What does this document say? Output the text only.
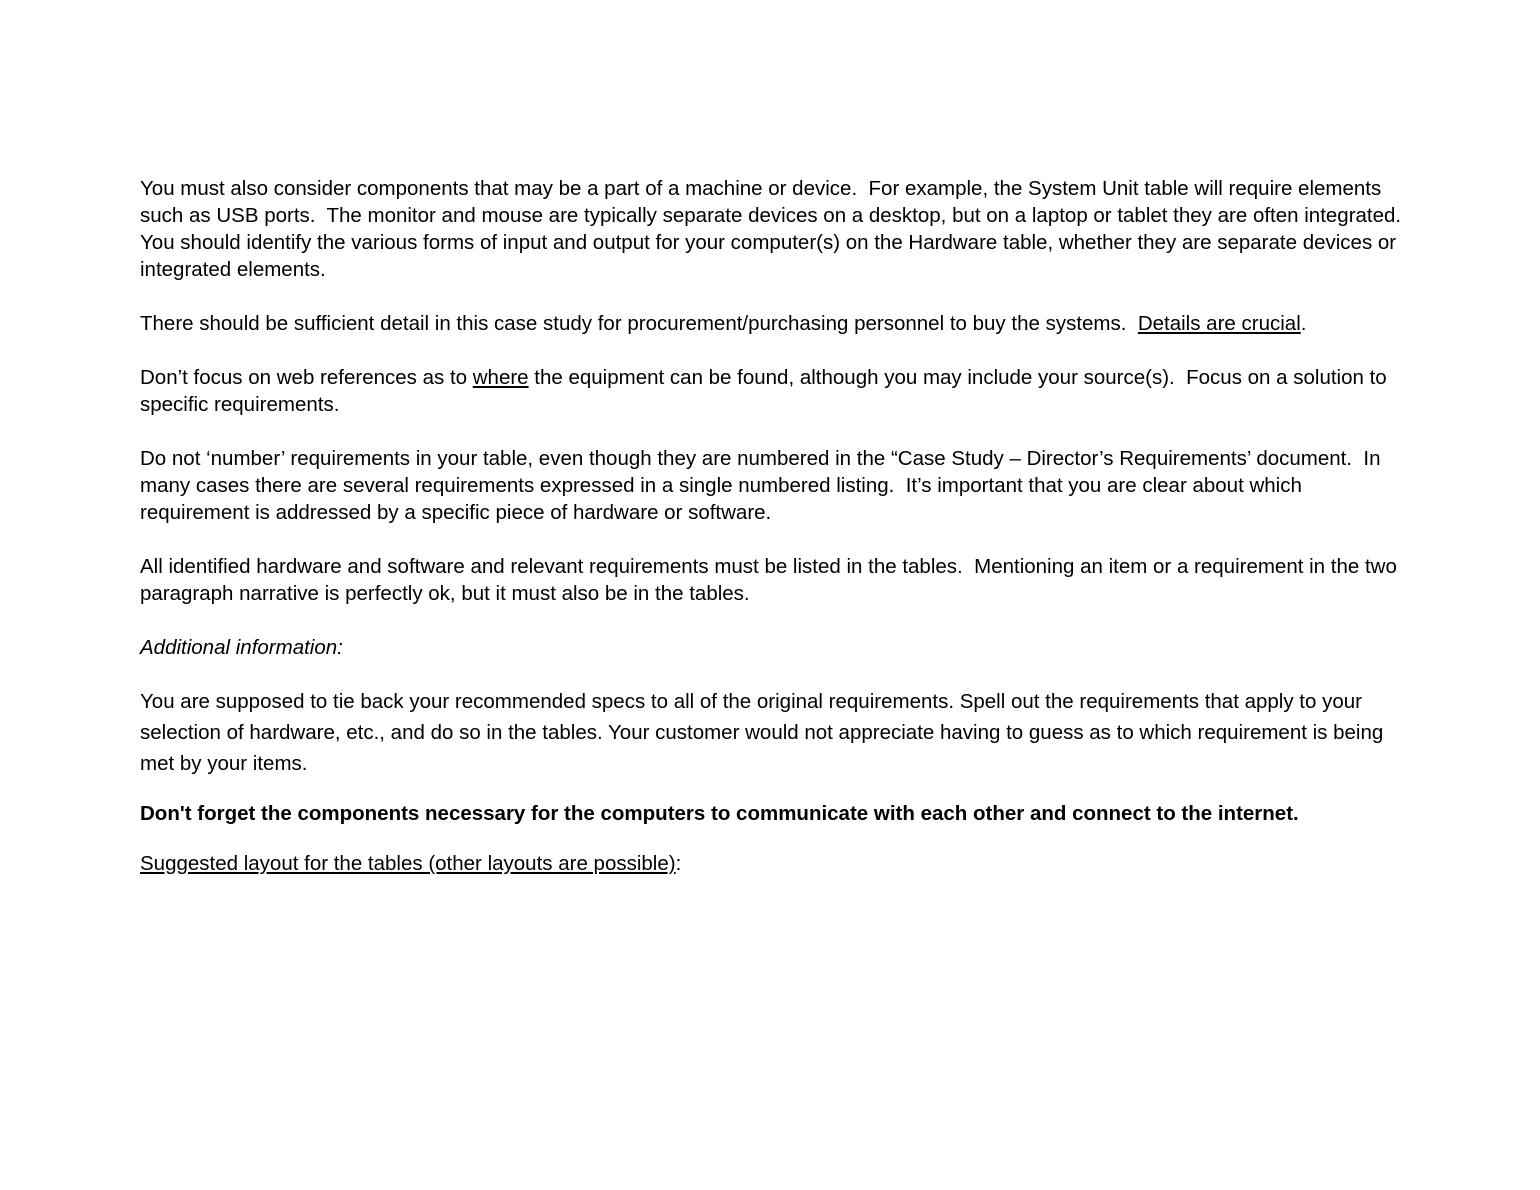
You must also consider components that may be a part of a machine or device.  For example, the System Unit table will require elements such as USB ports.  The monitor and mouse are typically separate devices on a desktop, but on a laptop or tablet they are often integrated.  You should identify the various forms of input and output for your computer(s) on the Hardware table, whether they are separate devices or integrated elements.

There should be sufficient detail in this case study for procurement/purchasing personnel to buy the systems.  Details are crucial.

Don’t focus on web references as to where the equipment can be found, although you may include your source(s).  Focus on a solution to specific requirements.

Do not ‘number’ requirements in your table, even though they are numbered in the “Case Study – Director’s Requirements’ document.  In many cases there are several requirements expressed in a single numbered listing.  It’s important that you are clear about which requirement is addressed by a specific piece of hardware or software.

All identified hardware and software and relevant requirements must be listed in the tables.  Mentioning an item or a requirement in the two paragraph narrative is perfectly ok, but it must also be in the tables.

Additional information:

You are supposed to tie back your recommended specs to all of the original requirements. Spell out the requirements that apply to your selection of hardware, etc., and do so in the tables. Your customer would not appreciate having to guess as to which requirement is being met by your items.

Don't forget the components necessary for the computers to communicate with each other and connect to the internet.

Suggested layout for the tables (other layouts are possible):
